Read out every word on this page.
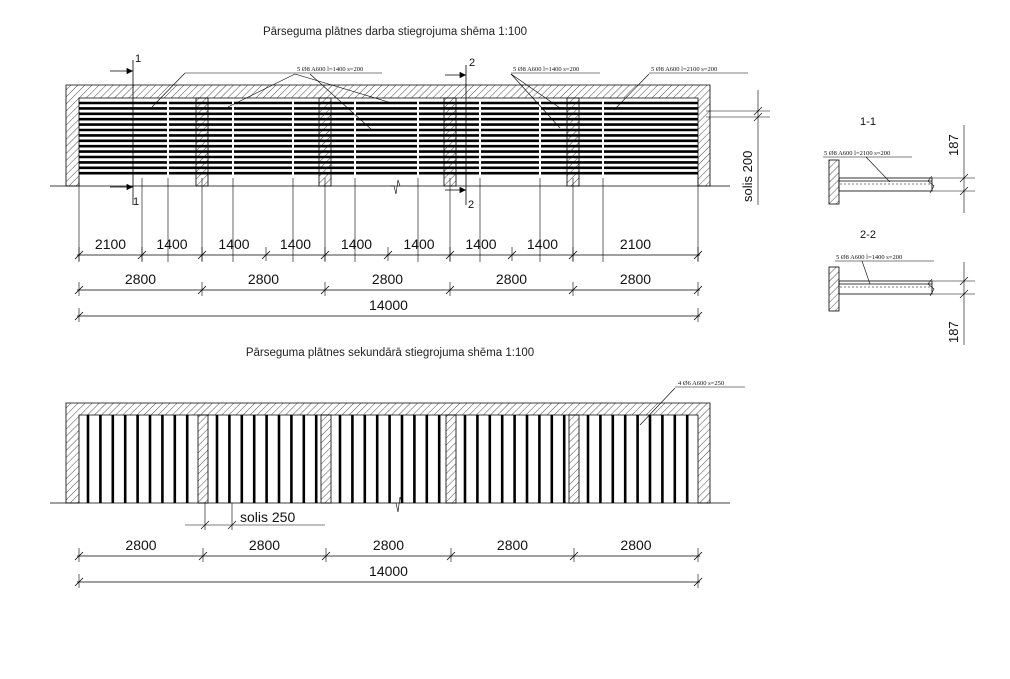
Pārseguma plātnes darba stiegrojuma shēma 1:100
1
1
2
2
5 Ø8 A600 l=1400 s=200	5 Ø8 A600 l=1400 s=200	5 Ø8 A600 l=2100 s=200
solis 200
2100 1400 1400 1400 1400 1400 1400 1400	2100
2800	2800	2800	2800	2800
14000
1-1
5 Ø8 A600 l=2100 s=200	187
2-2
5 Ø8 A600 l=1400 s=200
187
Pārseguma plātnes sekundārā stiegrojuma shēma 1:100
4 Ø6 A600 s=250
solis 250
2800	2800	2800	2800	2800
14000
